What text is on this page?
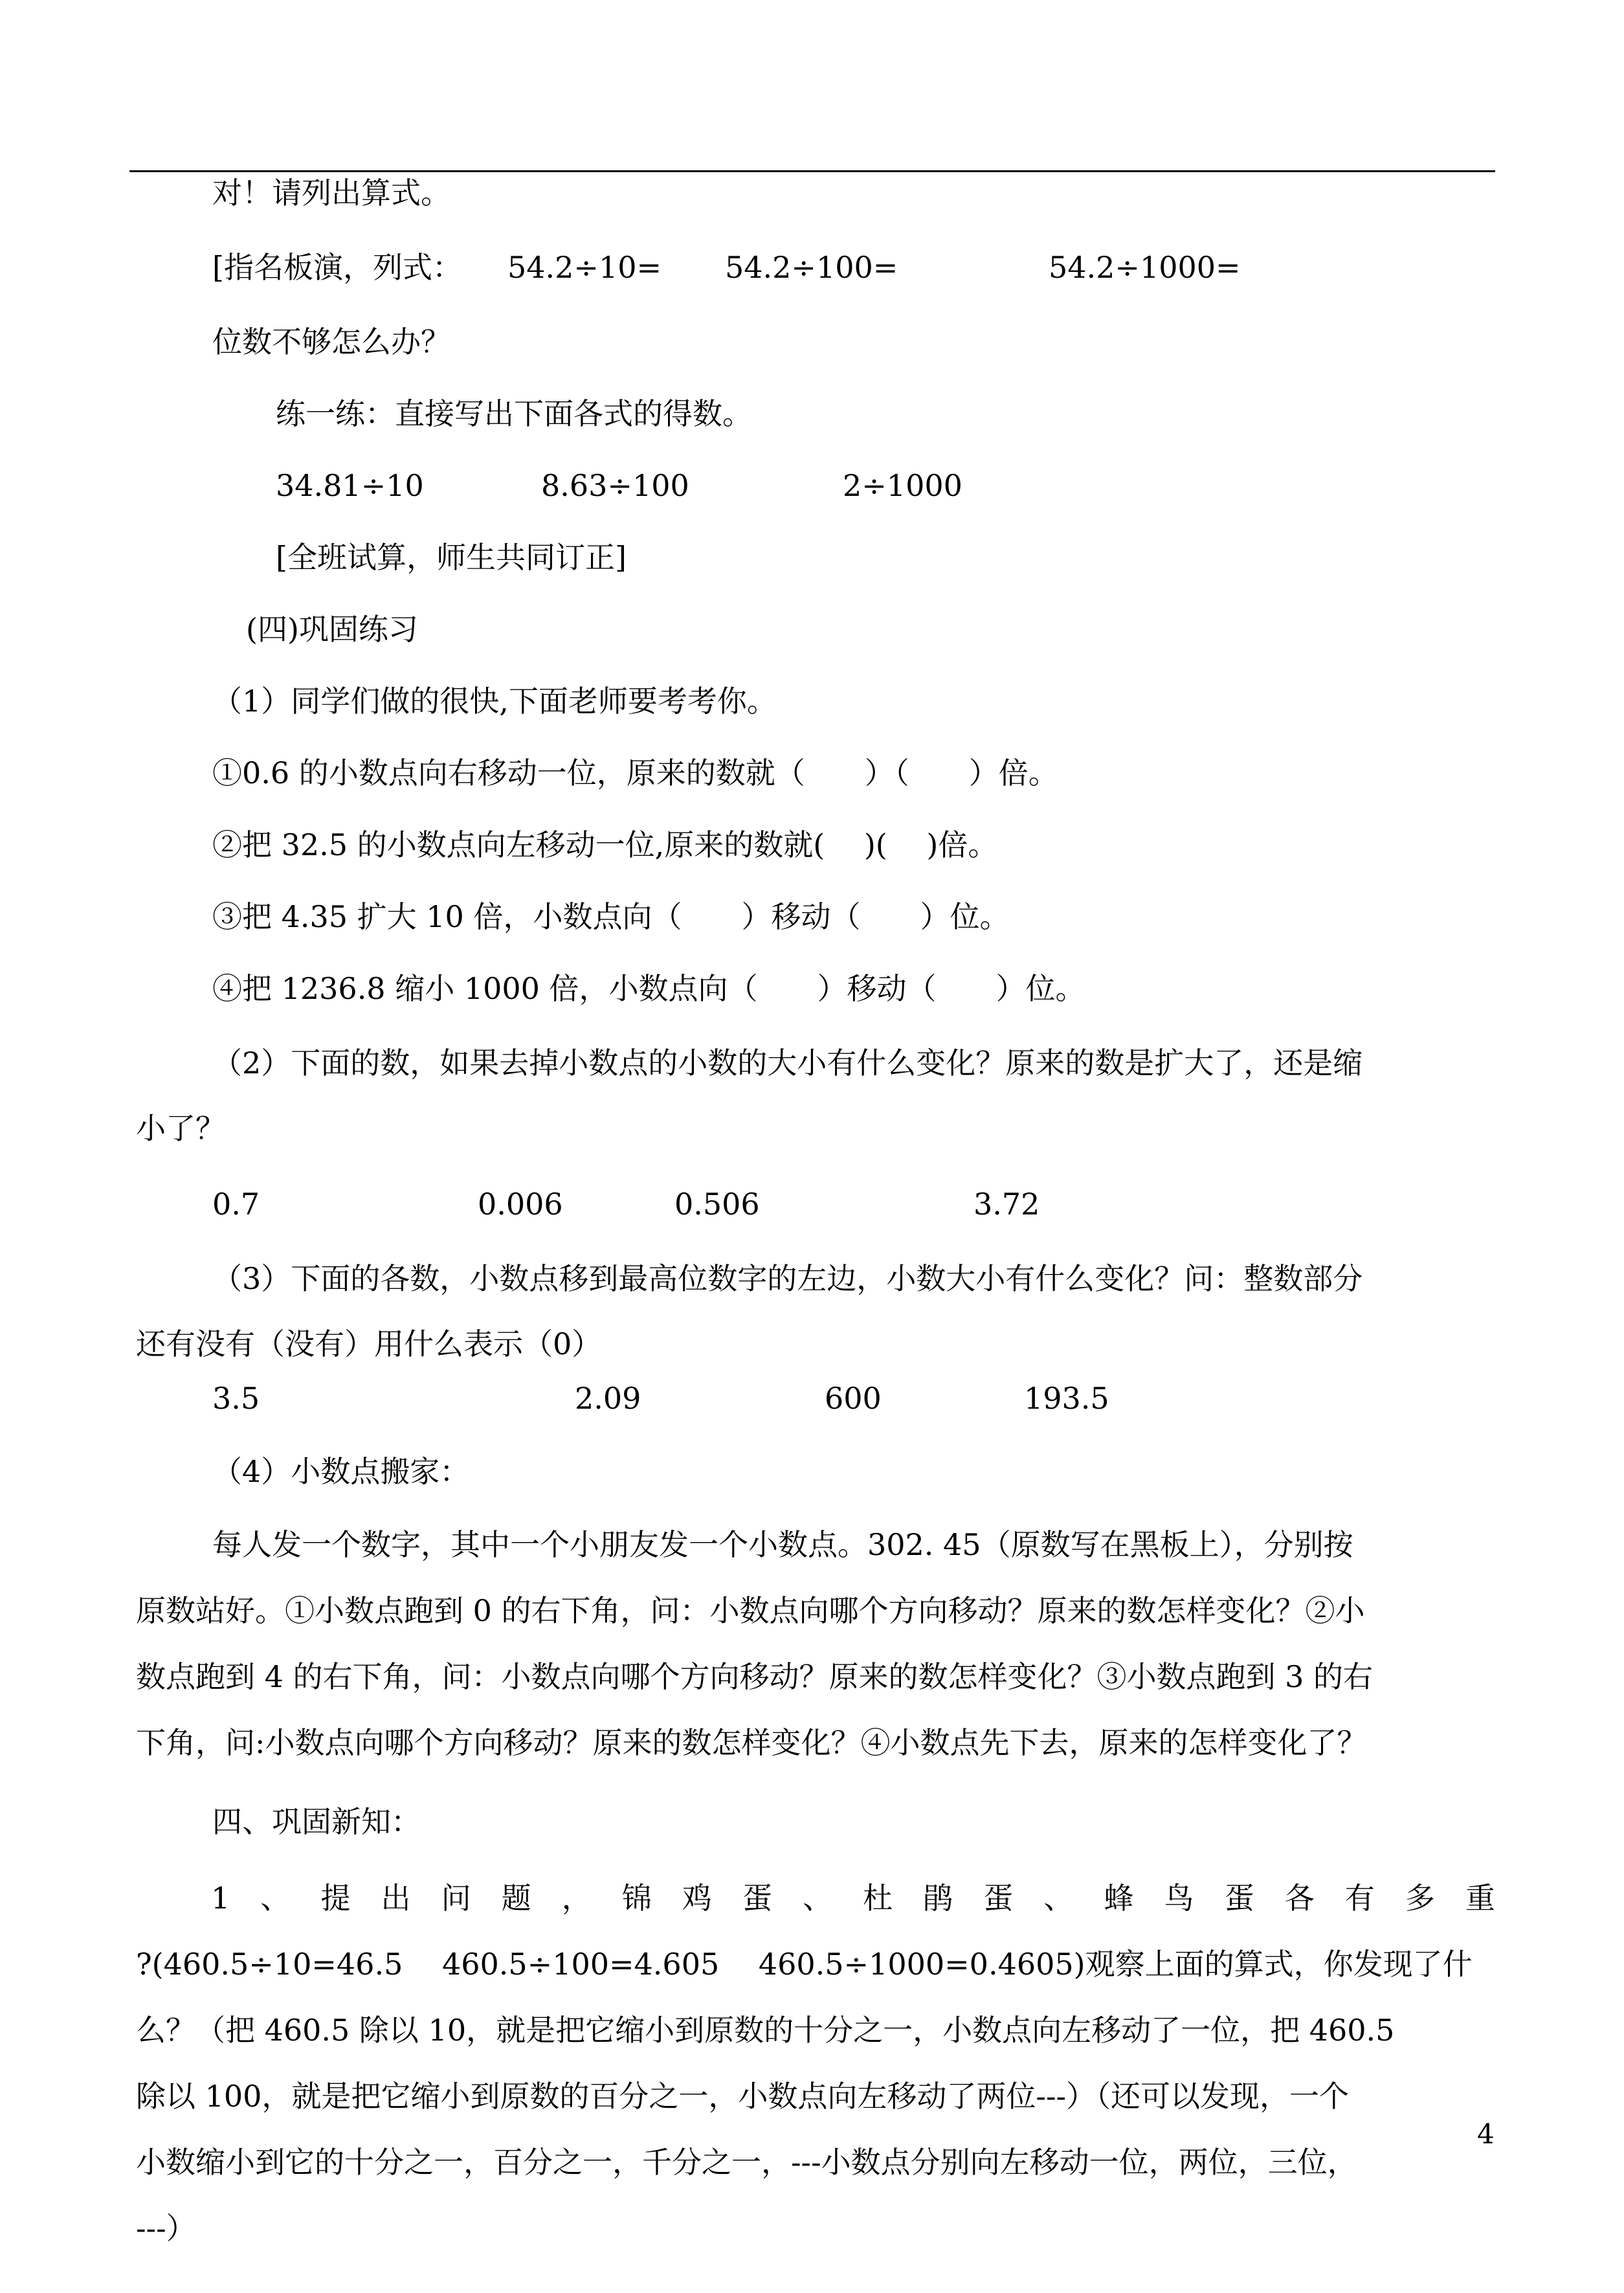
对！请列出算式。

[指名板演，列式： 54.2÷10= 54.2÷100=	54.2÷1000=

位数不够怎么办？

练一练：直接写出下面各式的得数。

34.81÷10	8.63÷100	2÷1000

[全班试算，师生共同订正]

(四)巩固练习

（1）同学们做的很快,下面老师要考考你。

①0.6 的小数点向右移动一位，原来的数就（　　）（　　）倍。

②把 32.5 的小数点向左移动一位,原来的数就(　 )(　 )倍。

③把 4.35 扩大 10 倍，小数点向（　　）移动（　　）位。

④把 1236.8 缩小 1000 倍，小数点向（　　）移动（　　）位。

（2）下面的数，如果去掉小数点的小数的大小有什么变化？原来的数是扩大了，还是缩

小了？

0.7	0.006	0.506	3.72

（3）下面的各数，小数点移到最高位数字的左边，小数大小有什么变化？问：整数部分

还有没有（没有）用什么表示（0）

3.5	2.09	600	193.5

（4）小数点搬家：

每人发一个数字，其中一个小朋友发一个小数点。302. 45（原数写在黑板上），分别按

原数站好。①小数点跑到 0 的右下角，问：小数点向哪个方向移动？原来的数怎样变化？②小

数点跑到 4 的右下角，问：小数点向哪个方向移动？原来的数怎样变化？③小数点跑到 3 的右

下角，问:小数点向哪个方向移动？原来的数怎样变化？④小数点先下去，原来的怎样变化了？

四、巩固新知：

1 、 提 出 问 题 ， 锦 鸡 蛋 、 杜 鹃 蛋 、 蜂 鸟 蛋 各 有 多 重

?(460.5÷10=46.5　 460.5÷100=4.605　 460.5÷1000=0.4605)观察上面的算式，你发现了什

么？（把 460.5 除以 10，就是把它缩小到原数的十分之一，小数点向左移动了一位，把 460.5

除以 100，就是把它缩小到原数的百分之一，小数点向左移动了两位---）（还可以发现，一个

小数缩小到它的十分之一，百分之一，千分之一，---小数点分别向左移动一位，两位，三位，

---）

4
